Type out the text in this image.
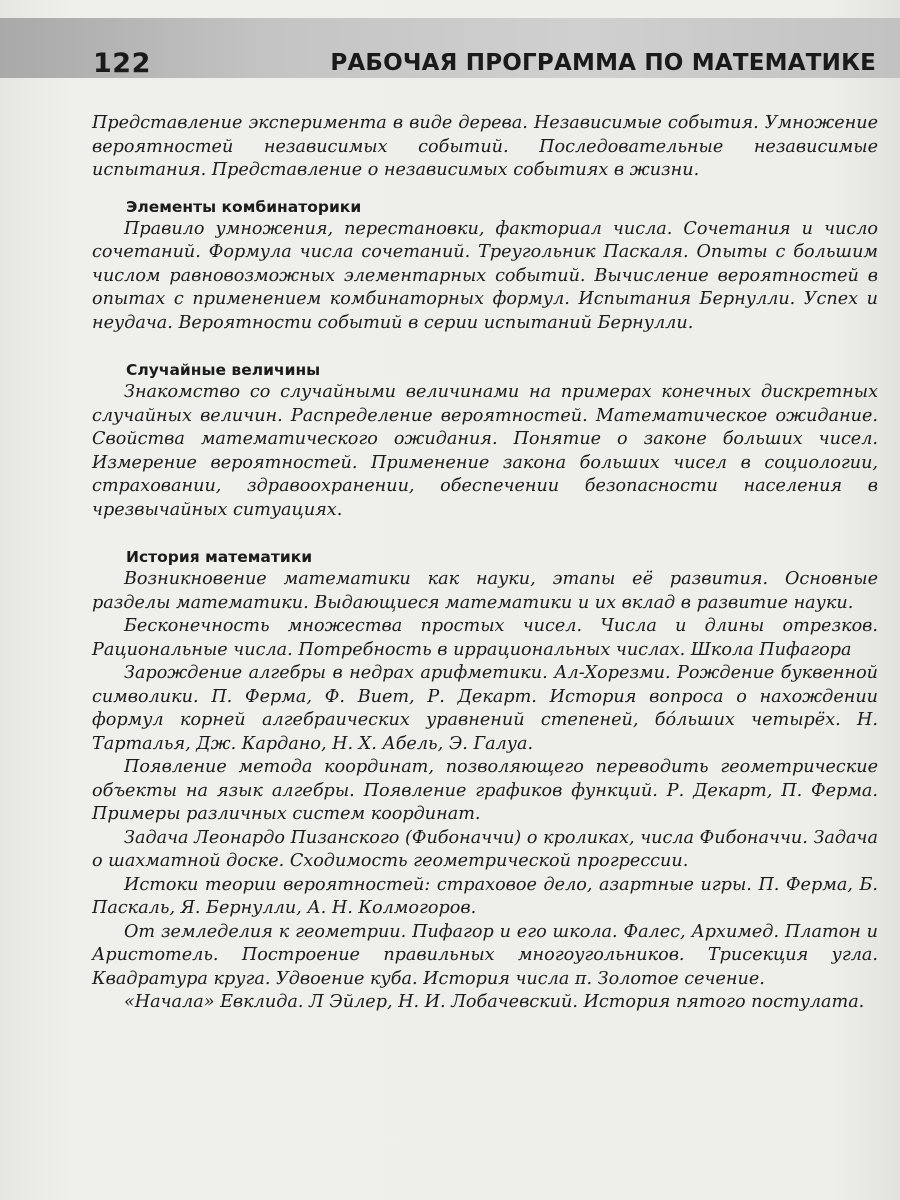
122	РАБОЧАЯ ПРОГРАММА ПО МАТЕМАТИКЕ

Представление эксперимента в виде дерева. Независимые события. Умножение вероятностей независимых событий. Последовательные независимые испытания. Представление о независимых событиях в жизни.

Элементы комбинаторики

Правило умножения, перестановки, факториал числа. Сочетания и число сочетаний. Формула числа сочетаний. Треугольник Паскаля. Опыты с большим числом равновозможных элементарных событий. Вычисление вероятностей в опытах с применением комбинаторных формул. Испытания Бернулли. Успех и неудача. Вероятности событий в серии испытаний Бернулли.

Случайные величины

Знакомство со случайными величинами на примерах конечных дискретных случайных величин. Распределение вероятностей. Математическое ожидание. Свойства математического ожидания. Понятие о законе больших чисел. Измерение вероятностей. Применение закона больших чисел в социологии, страховании, здравоохранении, обеспечении безопасности населения в чрезвычайных ситуациях.

История математики

Возникновение математики как науки, этапы её развития. Основные разделы математики. Выдающиеся математики и их вклад в развитие науки.

Бесконечность множества простых чисел. Числа и длины отрезков. Рациональные числа. Потребность в иррациональных числах. Школа Пифагора

Зарождение алгебры в недрах арифметики. Ал-Хорезми. Рождение буквенной символики. П. Ферма, Ф. Виет, Р. Декарт. История вопроса о нахождении формул корней алгебраических уравнений степеней, бо́льших четырёх. Н. Тарталья, Дж. Кардано, Н. Х. Абель, Э. Галуа.

Появление метода координат, позволяющего переводить геометрические объекты на язык алгебры. Появление графиков функций. Р. Декарт, П. Ферма. Примеры различных систем координат.

Задача Леонардо Пизанского (Фибоначчи) о кроликах, числа Фибоначчи. Задача о шахматной доске. Сходимость геометрической прогрессии.

Истоки теории вероятностей: страховое дело, азартные игры. П. Ферма, Б. Паскаль, Я. Бернулли, А. Н. Колмогоров.

От земледелия к геометрии. Пифагор и его школа. Фалес, Архимед. Платон и Аристотель. Построение правильных многоугольников. Трисекция угла. Квадратура круга. Удвоение куба. История числа π. Золотое сечение.

«Начала» Евклида. Л Эйлер, Н. И. Лобачевский. История пятого постулата.
